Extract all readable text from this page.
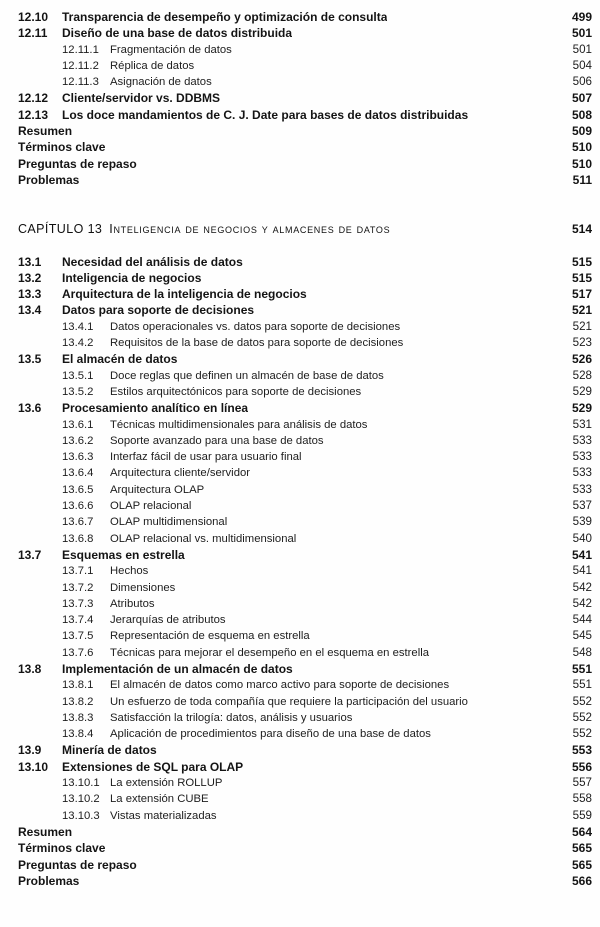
12.10	Transparencia de desempeño y optimización de consulta	499
12.11	Diseño de una base de datos distribuida	501
12.11.1 Fragmentación de datos	501
12.11.2 Réplica de datos	504
12.11.3 Asignación de datos	506
12.12	Cliente/servidor vs. DDBMS	507
12.13	Los doce mandamientos de C. J. Date para bases de datos distribuidas	508
Resumen	509
Términos clave	510
Preguntas de repaso	510
Problemas	511
CAPÍTULO 13 Inteligencia de negocios y almacenes de datos	514
13.1	Necesidad del análisis de datos	515
13.2	Inteligencia de negocios	515
13.3	Arquitectura de la inteligencia de negocios	517
13.4	Datos para soporte de decisiones	521
13.4.1	Datos operacionales vs. datos para soporte de decisiones	521
13.4.2	Requisitos de la base de datos para soporte de decisiones	523
13.5	El almacén de datos	526
13.5.1	Doce reglas que definen un almacén de base de datos	528
13.5.2	Estilos arquitectónicos para soporte de decisiones	529
13.6	Procesamiento analítico en línea	529
13.6.1	Técnicas multidimensionales para análisis de datos	531
13.6.2	Soporte avanzado para una base de datos	533
13.6.3	Interfaz fácil de usar para usuario final	533
13.6.4	Arquitectura cliente/servidor	533
13.6.5	Arquitectura OLAP	533
13.6.6	OLAP relacional	537
13.6.7	OLAP multidimensional	539
13.6.8	OLAP relacional vs. multidimensional	540
13.7	Esquemas en estrella	541
13.7.1	Hechos	541
13.7.2	Dimensiones	542
13.7.3	Atributos	542
13.7.4	Jerarquías de atributos	544
13.7.5	Representación de esquema en estrella	545
13.7.6	Técnicas para mejorar el desempeño en el esquema en estrella	548
13.8	Implementación de un almacén de datos	551
13.8.1	El almacén de datos como marco activo para soporte de decisiones	551
13.8.2	Un esfuerzo de toda compañía que requiere la participación del usuario	552
13.8.3	Satisfacción la trilogía: datos, análisis y usuarios	552
13.8.4	Aplicación de procedimientos para diseño de una base de datos	552
13.9	Minería de datos	553
13.10	Extensiones de SQL para OLAP	556
13.10.1 La extensión ROLLUP	557
13.10.2 La extensión CUBE	558
13.10.3 Vistas materializadas	559
Resumen	564
Términos clave	565
Preguntas de repaso	565
Problemas	566
